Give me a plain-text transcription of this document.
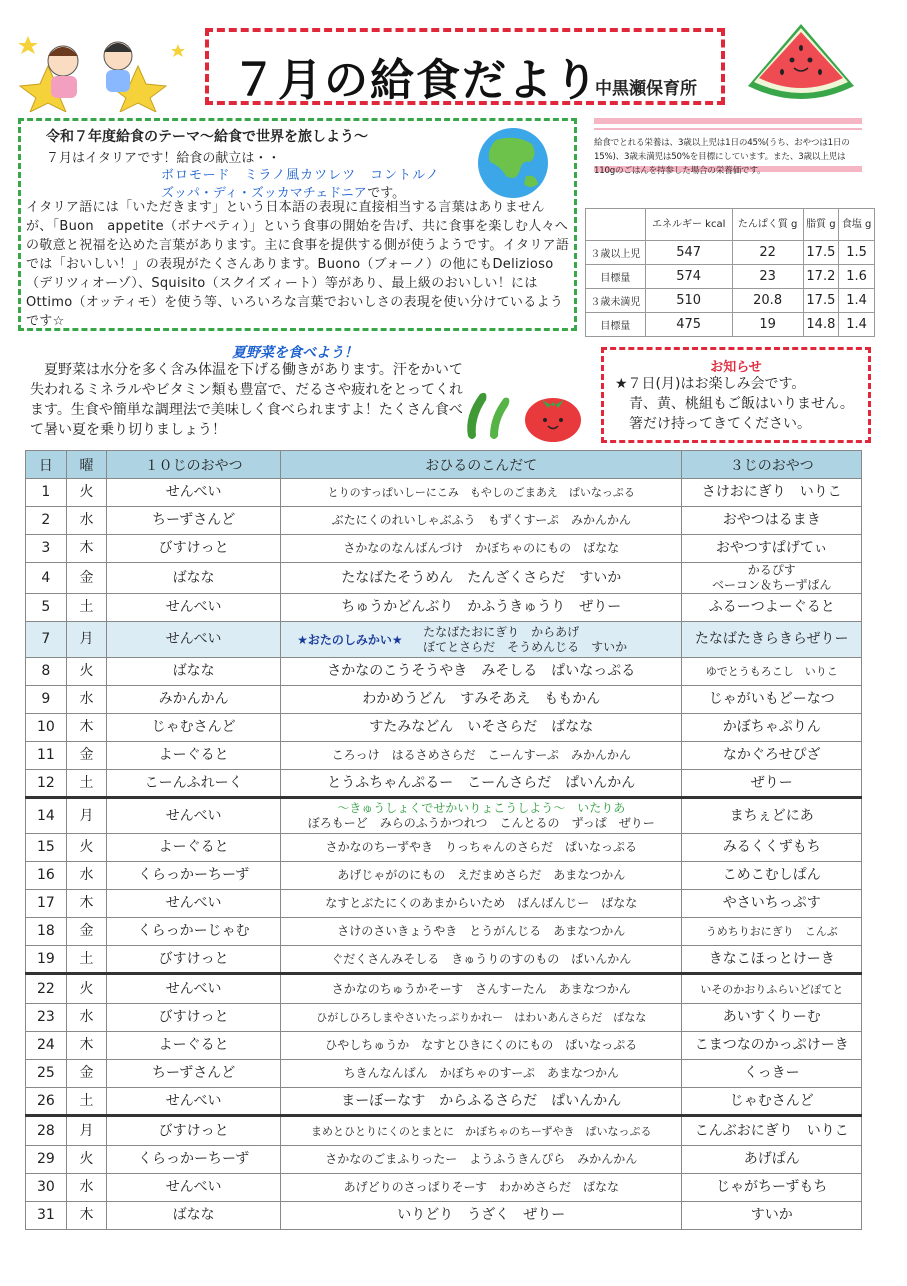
７月の給食だより
中黒瀬保育所
令和７年度給食のテーマ～給食で世界を旅しよう～
７月はイタリアです！給食の献立は・・
ボロモード　ミラノ風カツレツ　コントルノ
ズッパ・ディ・ズッカマチェドニアです。
イタリア語には「いただきます」という日本語の表現に直接相当する言葉はありませんが、「Buon　appetite（ボナペティ）」という食事の開始を告げ、共に食事を楽しむ人々への敬意と祝福を込めた言葉があります。主に食事を提供する側が使うようです。イタリア語では「おいしい！」の表現がたくさんあります。Buono（ブォーノ）の他にもDelizioso（デリツィオーゾ）、Squisito（スクイズィート）等があり、最上級のおいしい！には Ottimo（オッティモ）を使う等、いろいろな言葉でおいしさの表現を使い分けているようです☆
給食でとれる栄養は、3歳以上児は1日の45%(うち、おやつは1日の15%)、3歳未満児は50%を目標にしています。また、3歳以上児は110gのごはんを持参した場合の栄養価です。
	エネルギー kcal	たんぱく質 g	脂質 g	食塩 g
３歳以上児	547	22	17.5	1.5
目標量	574	23	17.2	1.6
３歳未満児	510	20.8	17.5	1.4
目標量	475	19	14.8	1.4
夏野菜を食べよう！
　夏野菜は水分を多く含み体温を下げる働きがあります。汗をかいて失われるミネラルやビタミン類も豊富で、だるさや疲れをとってくれます。生食や簡単な調理法で美味しく食べられますよ！たくさん食べて暑い夏を乗り切りましょう！
お知らせ
★７日(月)はお楽しみ会です。
　青、黄、桃組もご飯はいりません。
　箸だけ持ってきてください。
日	曜	１０じのおやつ	おひるのこんだて	３じのおやつ
1	火	せんべい	とりのすっぱいしーにこみ　もやしのごまあえ　ぱいなっぷる	さけおにぎり　いりこ
2	水	ちーずさんど	ぶたにくのれいしゃぶふう　もずくすーぷ　みかんかん	おやつはるまき
3	木	びすけっと	さかなのなんばんづけ　かぼちゃのにもの　ばなな	おやつすぱげてぃ
4	金	ばなな	たなばたそうめん　たんざくさらだ　すいか	かるぴす
ベーコン＆ちーずぱん

5	土	せんべい	ちゅうかどんぶり　かふうきゅうり　ぜりー	ふるーつよーぐると
7	月	せんべい	★おたのしみかい★
たなばたおにぎり　からあげ
ぼてとさらだ　そうめんじる　すいか	たなばたきらきらぜりー
8	火	ばなな	さかなのこうそうやき　みそしる　ぱいなっぷる	ゆでとうもろこし　いりこ
9	水	みかんかん	わかめうどん　すみそあえ　ももかん	じゃがいもどーなつ
10	木	じゃむさんど	すたみなどん　いそさらだ　ばなな	かぼちゃぷりん
11	金	よーぐると	ころっけ　はるさめさらだ　こーんすーぷ　みかんかん	なかぐろせぴざ
12	土	こーんふれーく	とうふちゃんぷるー　こーんさらだ　ぱいんかん	ぜりー
14	月	せんべい	～きゅうしょくでせかいりょこうしよう～　いたりあ
ぼろもーど　みらのふうかつれつ　こんとるの　ずっぱ　ぜりー	まちぇどにあ
15	火	よーぐると	さかなのちーずやき　りっちゃんのさらだ　ぱいなっぷる	みるくくずもち
16	水	くらっかーちーず	あげじゃがのにもの　えだまめさらだ　あまなつかん	こめこむしぱん
17	木	せんべい	なすとぶたにくのあまからいため　ばんばんじー　ばなな	やさいちっぷす
18	金	くらっかーじゃむ	さけのさいきょうやき　とうがんじる　あまなつかん	うめちりおにぎり　こんぶ
19	土	びすけっと	ぐだくさんみそしる　きゅうりのすのもの　ぱいんかん	きなこほっとけーき
22	火	せんべい	さかなのちゅうかそーす　さんすーたん　あまなつかん	いそのかおりふらいどぽてと
23	水	びすけっと	ひがしひろしまやさいたっぷりかれー　はわいあんさらだ　ばなな	あいすくりーむ
24	木	よーぐると	ひやしちゅうか　なすとひきにくのにもの　ぱいなっぷる	こまつなのかっぷけーき
25	金	ちーずさんど	ちきんなんばん　かぼちゃのすーぷ　あまなつかん	くっきー
26	土	せんべい	まーぼーなす　からふるさらだ　ぱいんかん	じゃむさんど
28	月	びすけっと	まめとひとりにくのとまとに　かぼちゃのちーずやき　ぱいなっぷる	こんぶおにぎり　いりこ
29	火	くらっかーちーず	さかなのごまふりったー　ようふうきんぴら　みかんかん	あげぱん
30	水	せんべい	あげどりのさっぱりそーす　わかめさらだ　ばなな	じゃがちーずもち
31	木	ばなな	いりどり　うざく　ぜりー	すいか
